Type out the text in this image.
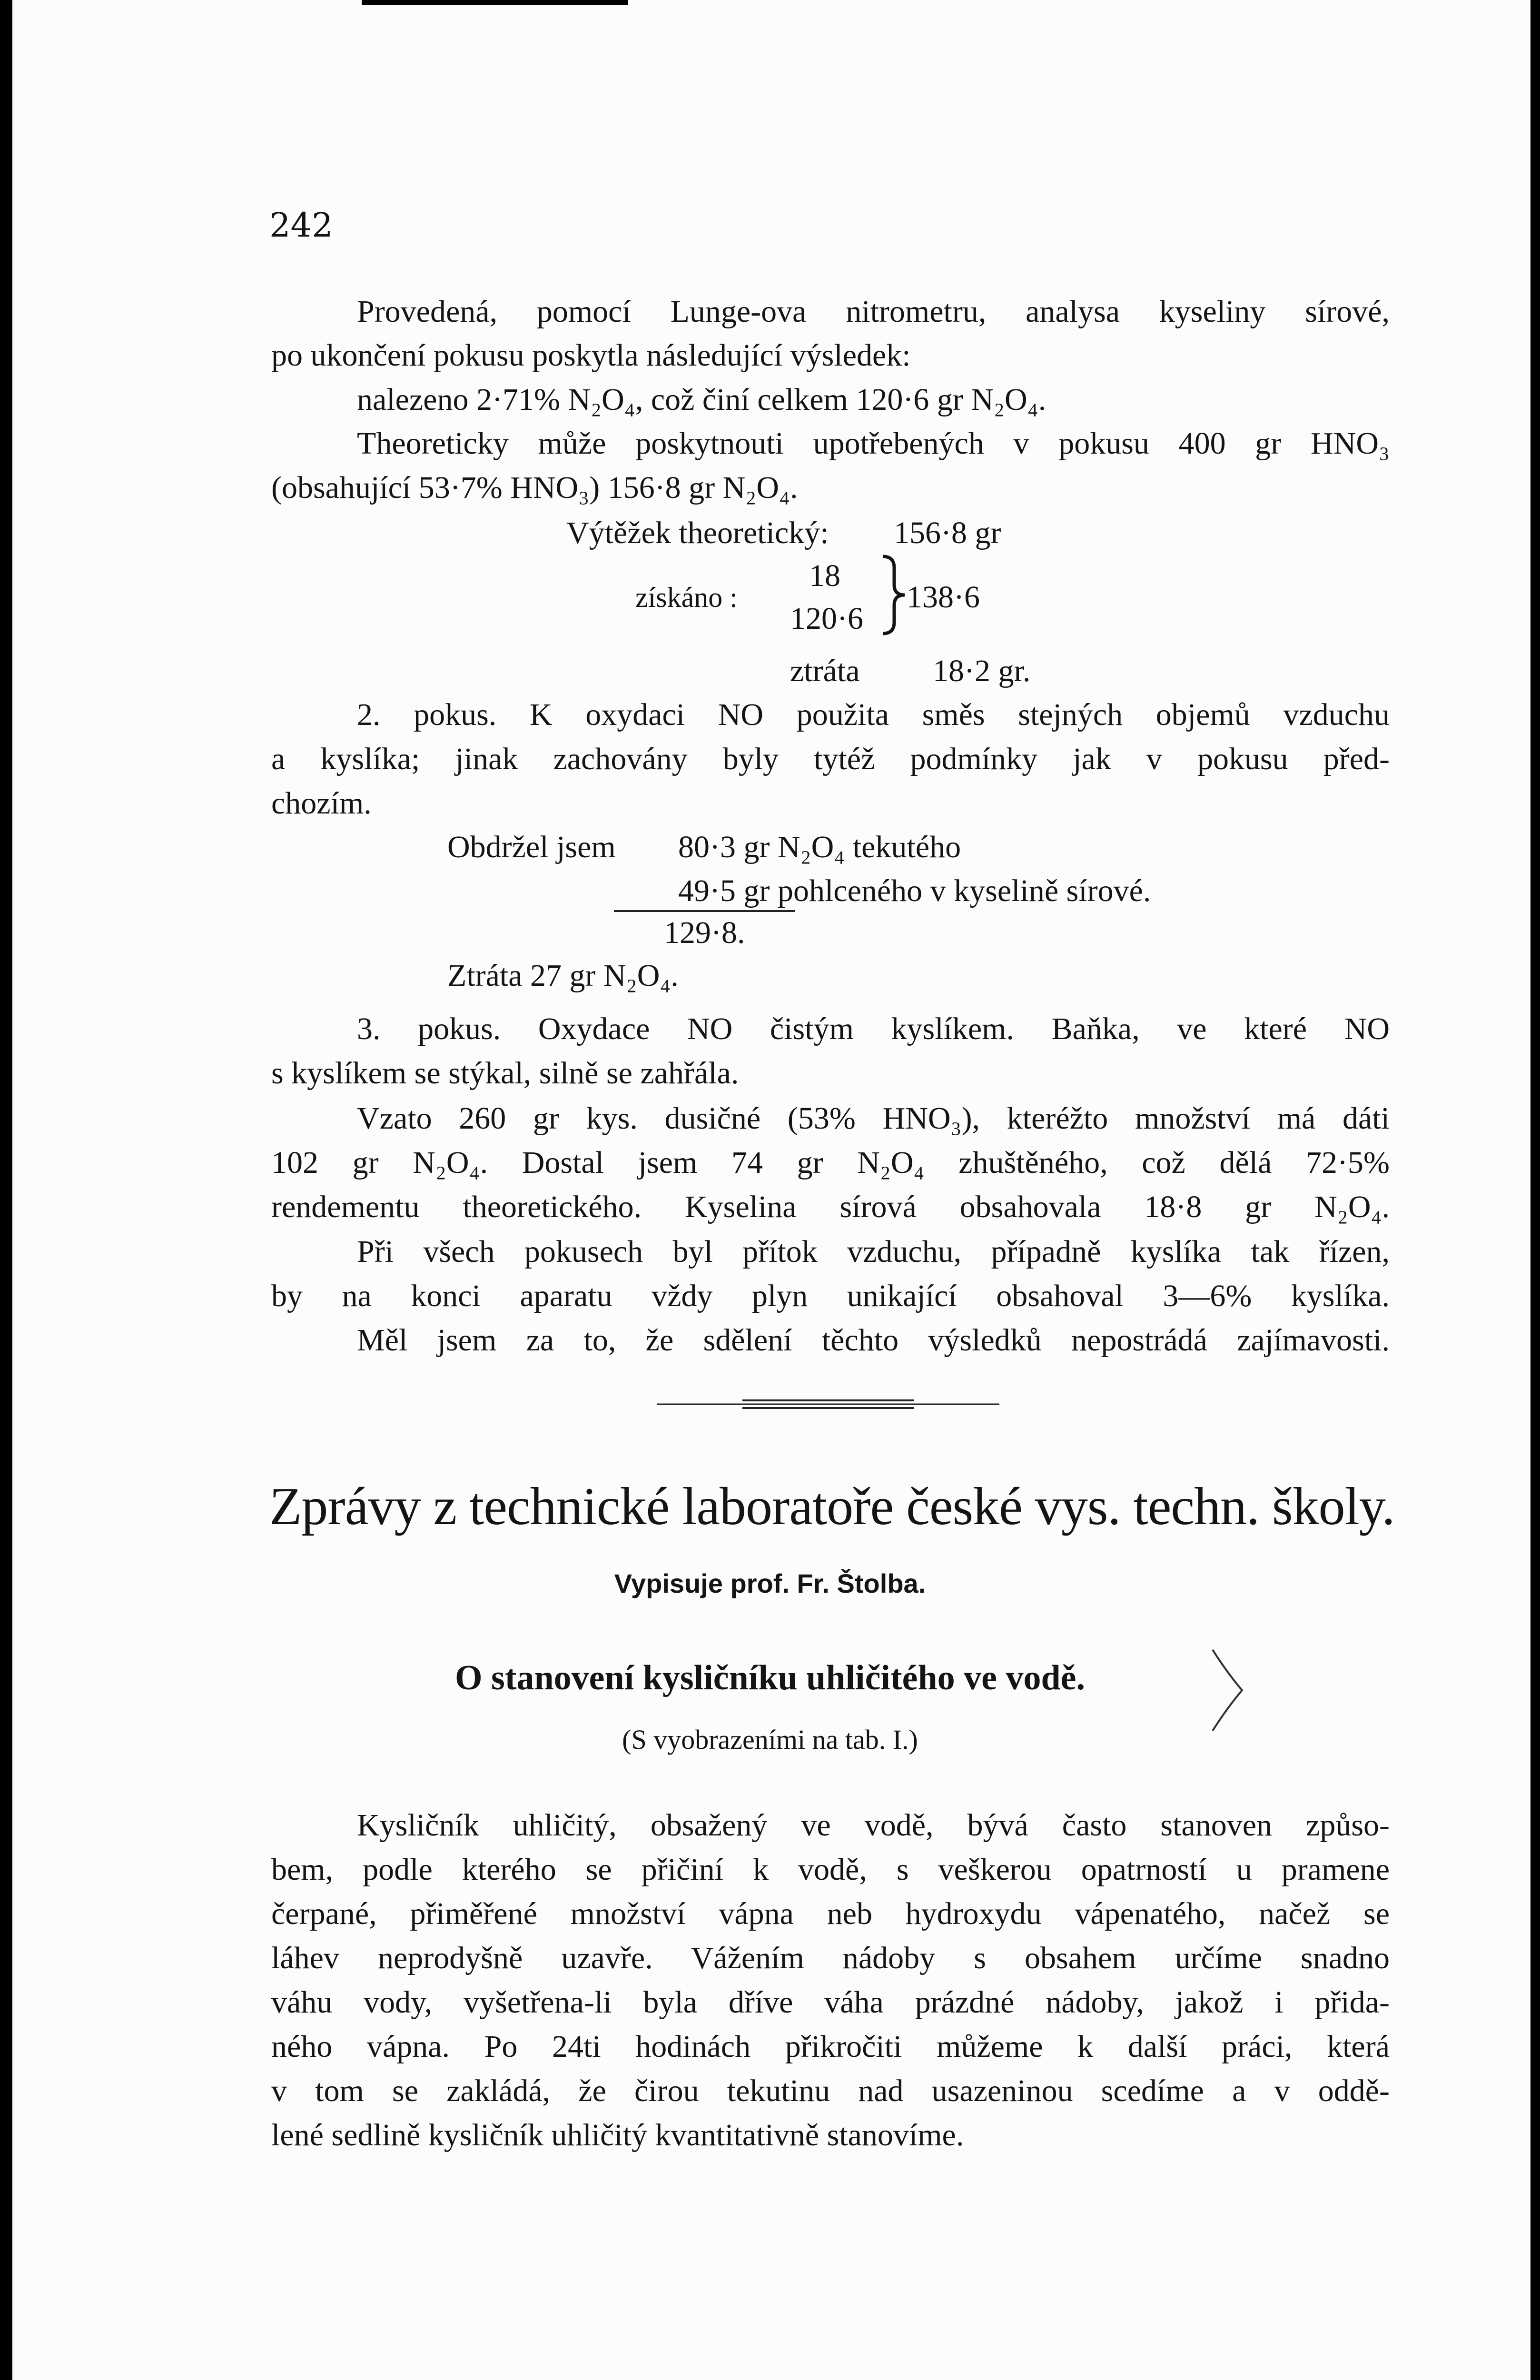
242
Provedená, pomocí Lunge-ova nitrometru, analysa kyseliny sírové,
po ukončení pokusu poskytla následující výsledek:
nalezeno 2·71% N₂O₄, což činí celkem 120·6 gr N₂O₄.
Theoreticky může poskytnouti upotřebených v pokusu 400 gr HNO₃
(obsahující 53·7% HNO₃) 156·8 gr N₂O₄.
Výtěžek theoretický: 156·8 gr
získáno :
18
120·6
138·6
ztráta 18·2 gr.
2. pokus. K oxydaci NO použita směs stejných objemů vzduchu
a kyslíka; jinak zachovány byly tytéž podmínky jak v pokusu před-
chozím.
Obdržel jsem 80·3 gr N₂O₄ tekutého
49·5 gr pohlceného v kyselině sírové.
129·8.
Ztráta 27 gr N₂O₄.
3. pokus. Oxydace NO čistým kyslíkem. Baňka, ve které NO
s kyslíkem se stýkal, silně se zahřála.
Vzato 260 gr kys. dusičné (53% HNO₃), kteréžto množství má dáti
102 gr N₂O₄. Dostal jsem 74 gr N₂O₄ zhuštěného, což dělá 72·5%
rendementu theoretického. Kyselina sírová obsahovala 18·8 gr N₂O₄.
Při všech pokusech byl přítok vzduchu, případně kyslíka tak řízen,
by na konci aparatu vždy plyn unikající obsahoval 3—6% kyslíka.
Měl jsem za to, že sdělení těchto výsledků nepostrádá zajímavosti.
Zprávy z technické laboratoře české vys. techn. školy.
Vypisuje prof. Fr. Štolba.
O stanovení kysličníku uhličitého ve vodě.
(S vyobrazeními na tab. I.)
Kysličník uhličitý, obsažený ve vodě, bývá často stanoven způso-
bem, podle kterého se přičiní k vodě, s veškerou opatrností u pramene
čerpané, přiměřené množství vápna neb hydroxydu vápenatého, načež se
láhev neprodyšně uzavře. Vážením nádoby s obsahem určíme snadno
váhu vody, vyšetřena-li byla dříve váha prázdné nádoby, jakož i přida-
ného vápna. Po 24ti hodinách přikročiti můžeme k další práci, která
v tom se zakládá, že čirou tekutinu nad usazeninou scedíme a v oddě-
lené sedlině kysličník uhličitý kvantitativně stanovíme.
